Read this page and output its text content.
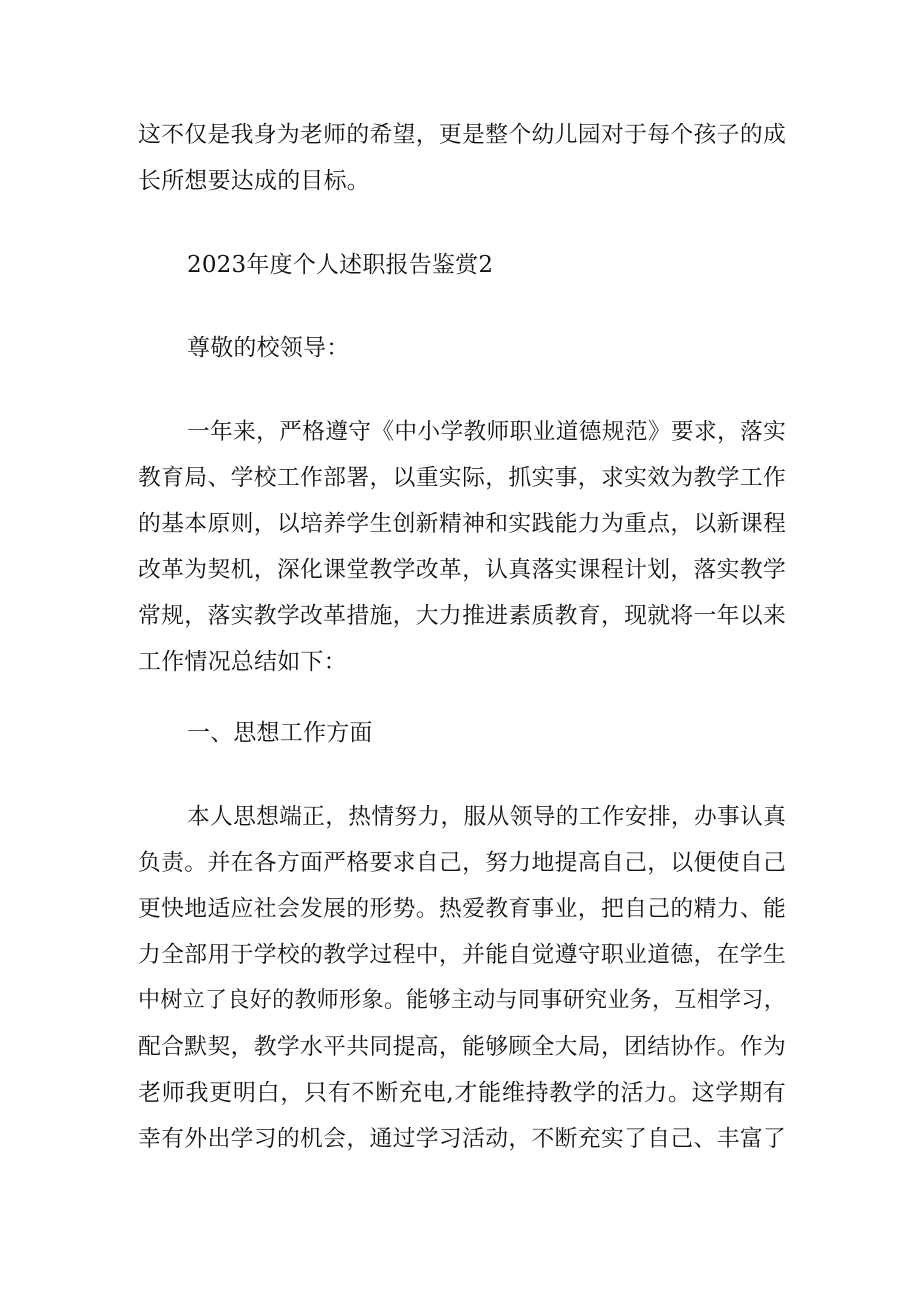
这不仅是我身为老师的希望，更是整个幼儿园对于每个孩子的成
长所想要达成的目标。
2023年度个人述职报告鉴赏2
尊敬的校领导：
一年来，严格遵守《中小学教师职业道德规范》要求，落实
教育局、学校工作部署，以重实际，抓实事，求实效为教学工作
的基本原则，以培养学生创新精神和实践能力为重点，以新课程
改革为契机，深化课堂教学改革，认真落实课程计划，落实教学
常规，落实教学改革措施，大力推进素质教育，现就将一年以来
工作情况总结如下：
一、思想工作方面
本人思想端正，热情努力，服从领导的工作安排，办事认真
负责。并在各方面严格要求自己，努力地提高自己，以便使自己
更快地适应社会发展的形势。热爱教育事业，把自己的精力、能
力全部用于学校的教学过程中，并能自觉遵守职业道德，在学生
中树立了良好的教师形象。能够主动与同事研究业务，互相学习，
配合默契，教学水平共同提高，能够顾全大局，团结协作。作为
老师我更明白，只有不断充电,才能维持教学的活力。这学期有
幸有外出学习的机会，通过学习活动，不断充实了自己、丰富了
